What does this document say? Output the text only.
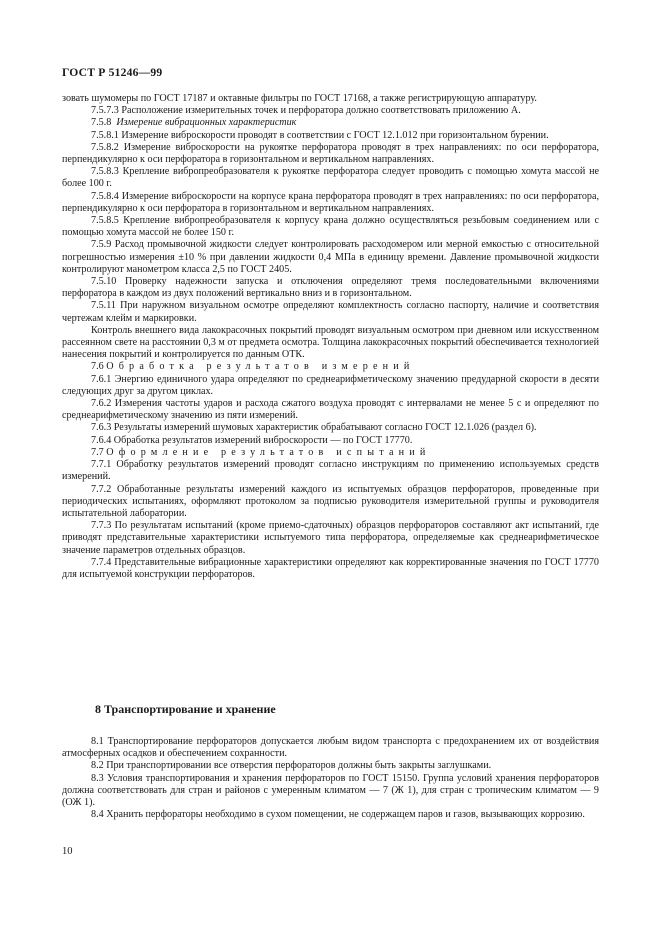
ГОСТ Р 51246—99

зовать шумомеры по ГОСТ 17187 и октавные фильтры по ГОСТ 17168, а также регистрирующую аппаратуру.

7.5.7.3 Расположение измерительных точек и перфоратора должно соответствовать приложению А.

7.5.8 Измерение вибрационных характеристик

7.5.8.1 Измерение виброскорости проводят в соответствии с ГОСТ 12.1.012 при горизонтальном бурении.

7.5.8.2 Измерение виброскорости на рукоятке перфоратора проводят в трех направлениях: по оси перфоратора, перпендикулярно к оси перфоратора в горизонтальном и вертикальном направлениях.

7.5.8.3 Крепление вибропреобразователя к рукоятке перфоратора следует проводить с помощью хомута массой не более 100 г.

7.5.8.4 Измерение виброскорости на корпусе крана перфоратора проводят в трех направлениях: по оси перфоратора, перпендикулярно к оси перфоратора в горизонтальном и вертикальном направлениях.

7.5.8.5 Крепление вибропреобразователя к корпусу крана должно осуществляться резьбовым соединением или с помощью хомута массой не более 150 г.

7.5.9 Расход промывочной жидкости следует контролировать расходомером или мерной емкостью с относительной погрешностью измерения ±10 % при давлении жидкости 0,4 МПа в единицу времени. Давление промывочной жидкости контролируют манометром класса 2,5 по ГОСТ 2405.

7.5.10 Проверку надежности запуска и отключения определяют тремя последовательными включениями перфоратора в каждом из двух положений вертикально вниз и в горизонтальном.

7.5.11 При наружном визуальном осмотре определяют комплектность согласно паспорту, наличие и соответствия чертежам клейм и маркировки.

Контроль внешнего вида лакокрасочных покрытий проводят визуальным осмотром при дневном или искусственном рассеянном свете на расстоянии 0,3 м от предмета осмотра. Толщина лакокрасочных покрытий обеспечивается технологией нанесения покрытий и контролируется по данным ОТК.

7.6 Обработка результатов измерений

7.6.1 Энергию единичного удара определяют по среднеарифметическому значению предударной скорости в десяти следующих друг за другом циклах.

7.6.2 Измерения частоты ударов и расхода сжатого воздуха проводят с интервалами не менее 5 с и определяют по среднеарифметическому значению из пяти измерений.

7.6.3 Результаты измерений шумовых характеристик обрабатывают согласно ГОСТ 12.1.026 (раздел 6).

7.6.4 Обработка результатов измерений виброскорости — по ГОСТ 17770.

7.7 Оформление результатов испытаний

7.7.1 Обработку результатов измерений проводят согласно инструкциям по применению используемых средств измерений.

7.7.2 Обработанные результаты измерений каждого из испытуемых образцов перфораторов, проведенные при периодических испытаниях, оформляют протоколом за подписью руководителя измерительной группы и руководителя испытательной лаборатории.

7.7.3 По результатам испытаний (кроме приемо-сдаточных) образцов перфораторов составляют акт испытаний, где приводят представительные характеристики испытуемого типа перфоратора, определяемые как среднеарифметическое значение параметров отдельных образцов.

7.7.4 Представительные вибрационные характеристики определяют как корректированные значения по ГОСТ 17770 для испытуемой конструкции перфораторов.

8 Транспортирование и хранение

8.1 Транспортирование перфораторов допускается любым видом транспорта с предохранением их от воздействия атмосферных осадков и обеспечением сохранности.

8.2 При транспортировании все отверстия перфораторов должны быть закрыты заглушками.

8.3 Условия транспортирования и хранения перфораторов по ГОСТ 15150. Группа условий хранения перфораторов должна соответствовать для стран и районов с умеренным климатом — 7 (Ж 1), для стран с тропическим климатом — 9 (ОЖ 1).

8.4 Хранить перфораторы необходимо в сухом помещении, не содержащем паров и газов, вызывающих коррозию.

10
